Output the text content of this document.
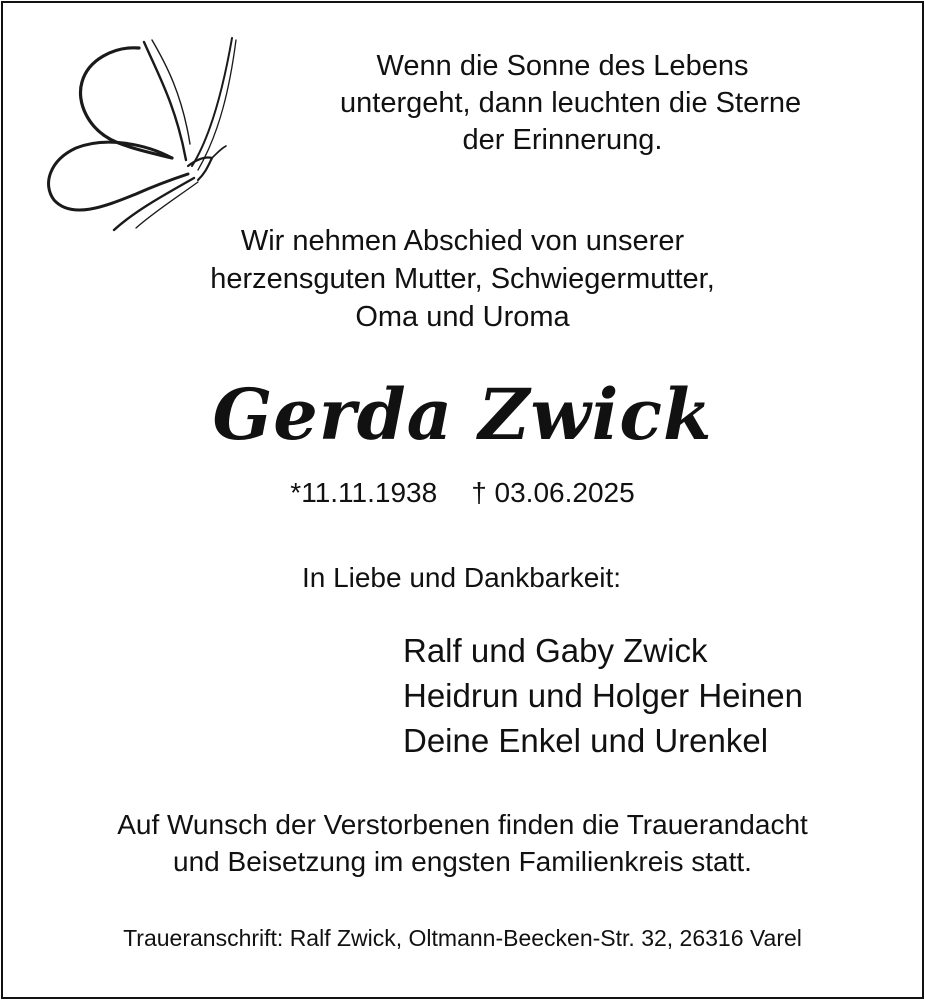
Wenn die Sonne des Lebens
untergeht, dann leuchten die Sterne
der Erinnerung.
Wir nehmen Abschied von unserer
herzensguten Mutter, Schwiegermutter,
Oma und Uroma
Gerda Zwick
*11.11.1938 † 03.06.2025
In Liebe und Dankbarkeit:
Ralf und Gaby Zwick
Heidrun und Holger Heinen
Deine Enkel und Urenkel
Auf Wunsch der Verstorbenen finden die Trauerandacht
und Beisetzung im engsten Familienkreis statt.
Traueranschrift: Ralf Zwick, Oltmann-Beecken-Str. 32, 26316 Varel
